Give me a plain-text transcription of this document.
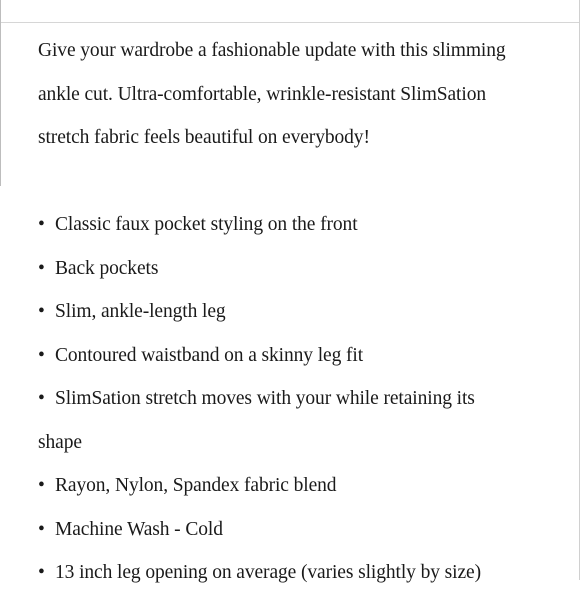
Give your wardrobe a fashionable update with this slimming
ankle cut. Ultra-comfortable, wrinkle-resistant SlimSation
stretch fabric feels beautiful on everybody!
• Classic faux pocket styling on the front
• Back pockets
• Slim, ankle-length leg
• Contoured waistband on a skinny leg fit
• SlimSation stretch moves with your while retaining its
shape
• Rayon, Nylon, Spandex fabric blend
• Machine Wash - Cold
• 13 inch leg opening on average (varies slightly by size)
